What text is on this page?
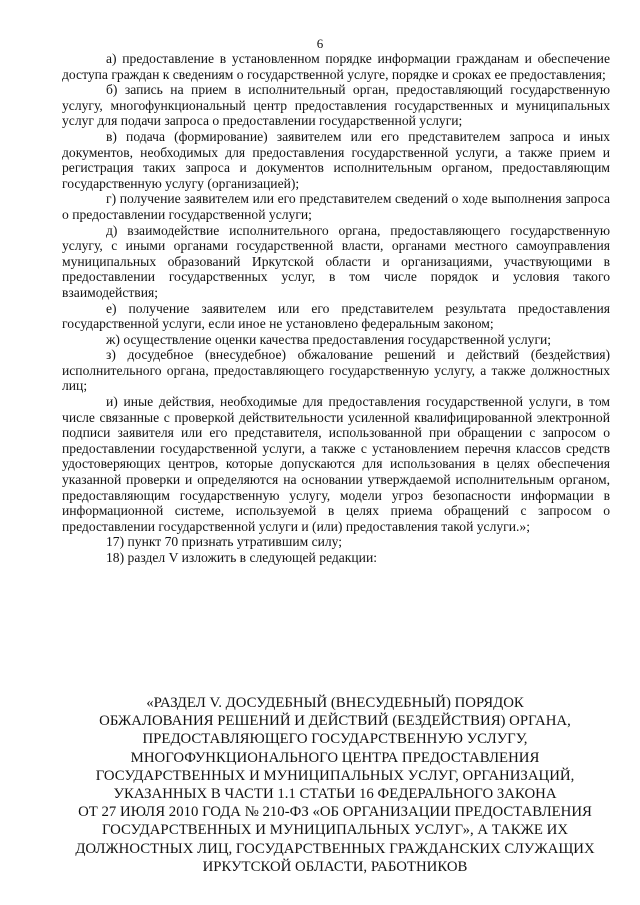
6

а) предоставление в установленном порядке информации гражданам и обеспечение доступа граждан к сведениям о государственной услуге, порядке и сроках ее предоставления;

б) запись на прием в исполнительный орган, предоставляющий государственную услугу, многофункциональный центр предоставления государственных и муниципальных услуг для подачи запроса о предоставлении государственной услуги;

в) подача (формирование) заявителем или его представителем запроса и иных документов, необходимых для предоставления государственной услуги, а также прием и регистрация таких запроса и документов исполнительным органом, предоставляющим государственную услугу (организацией);

г) получение заявителем или его представителем сведений о ходе выполнения запроса о предоставлении государственной услуги;

д) взаимодействие исполнительного органа, предоставляющего государственную услугу, с иными органами государственной власти, органами местного самоуправления муниципальных образований Иркутской области и организациями, участвующими в предоставлении государственных услуг, в том числе порядок и условия такого взаимодействия;

е) получение заявителем или его представителем результата предоставления государственной услуги, если иное не установлено федеральным законом;

ж) осуществление оценки качества предоставления государственной услуги;

з) досудебное (внесудебное) обжалование решений и действий (бездействия) исполнительного органа, предоставляющего государственную услугу, а также должностных лиц;

и) иные действия, необходимые для предоставления государственной услуги, в том числе связанные с проверкой действительности усиленной квалифицированной электронной подписи заявителя или его представителя, использованной при обращении с запросом о предоставлении государственной услуги, а также с установлением перечня классов средств удостоверяющих центров, которые допускаются для использования в целях обеспечения указанной проверки и определяются на основании утверждаемой исполнительным органом, предоставляющим государственную услугу, модели угроз безопасности информации в информационной системе, используемой в целях приема обращений с запросом о предоставлении государственной услуги и (или) предоставления такой услуги.»;

17) пункт 70 признать утратившим силу;

18) раздел V изложить в следующей редакции:

«РАЗДЕЛ V. ДОСУДЕБНЫЙ (ВНЕСУДЕБНЫЙ) ПОРЯДОК
ОБЖАЛОВАНИЯ РЕШЕНИЙ И ДЕЙСТВИЙ (БЕЗДЕЙСТВИЯ) ОРГАНА,
ПРЕДОСТАВЛЯЮЩЕГО ГОСУДАРСТВЕННУЮ УСЛУГУ,
МНОГОФУНКЦИОНАЛЬНОГО ЦЕНТРА ПРЕДОСТАВЛЕНИЯ
ГОСУДАРСТВЕННЫХ И МУНИЦИПАЛЬНЫХ УСЛУГ, ОРГАНИЗАЦИЙ,
УКАЗАННЫХ В ЧАСТИ 1.1 СТАТЬИ 16 ФЕДЕРАЛЬНОГО ЗАКОНА
ОТ 27 ИЮЛЯ 2010 ГОДА № 210-ФЗ «ОБ ОРГАНИЗАЦИИ ПРЕДОСТАВЛЕНИЯ
ГОСУДАРСТВЕННЫХ И МУНИЦИПАЛЬНЫХ УСЛУГ», А ТАКЖЕ ИХ
ДОЛЖНОСТНЫХ ЛИЦ, ГОСУДАРСТВЕННЫХ ГРАЖДАНСКИХ СЛУЖАЩИХ
ИРКУТСКОЙ ОБЛАСТИ, РАБОТНИКОВ
